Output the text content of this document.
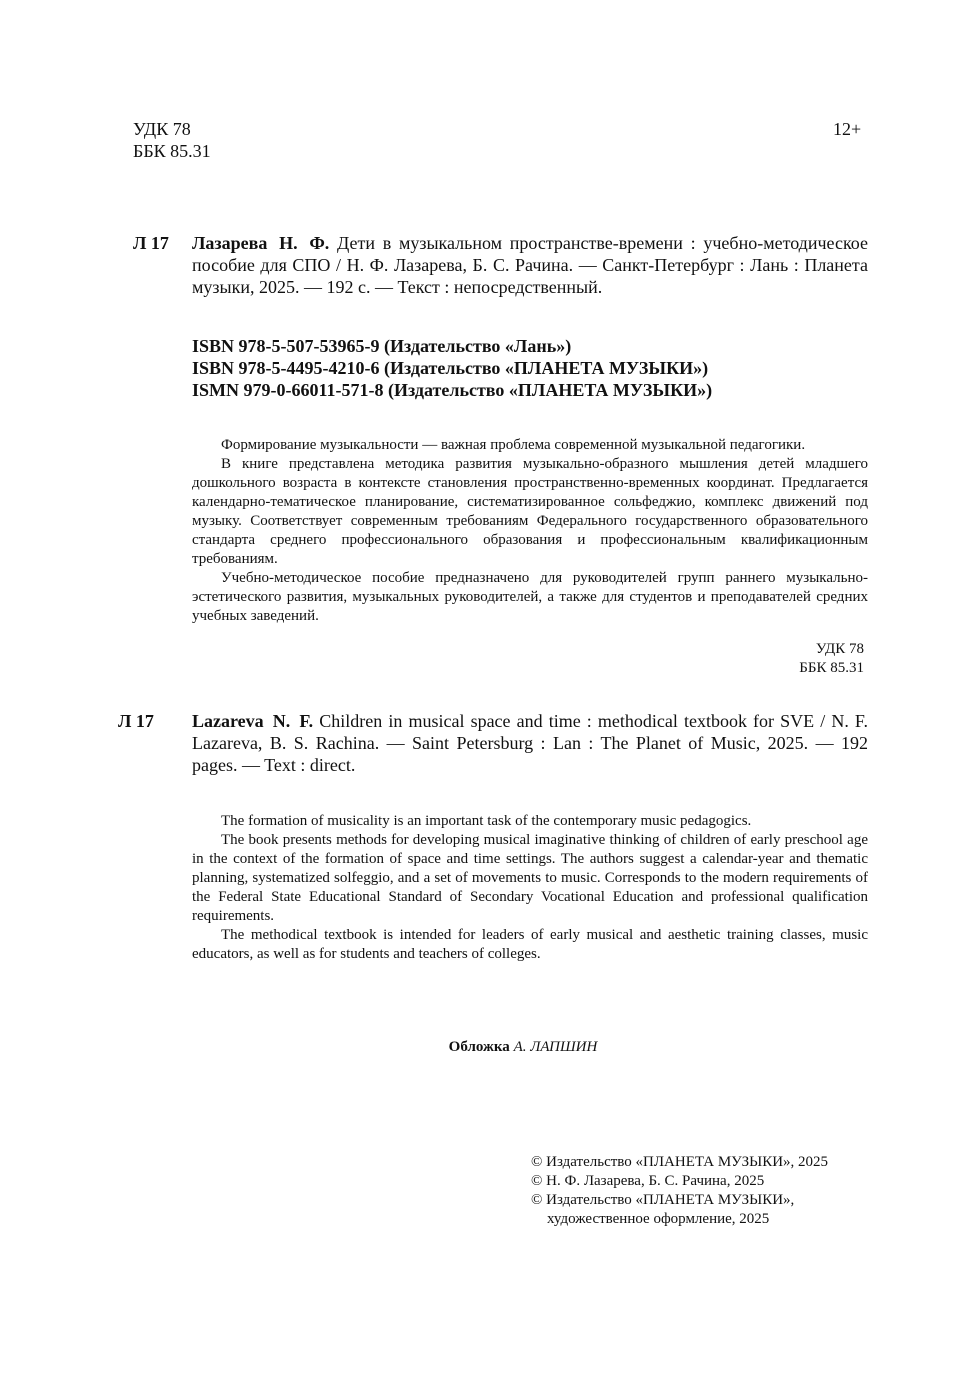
УДК 78
ББК 85.31
12+
Л 17 Лазарева Н. Ф. Дети в музыкальном пространстве-времени : учебно-методическое пособие для СПО / Н. Ф. Лазарева, Б. С. Рачина. — Санкт-Петербург : Лань : Планета музыки, 2025. — 192 с. — Текст : непосредственный.
ISBN 978-5-507-53965-9 (Издательство «Лань»)
ISBN 978-5-4495-4210-6 (Издательство «ПЛАНЕТА МУЗЫКИ»)
ISMN 979-0-66011-571-8 (Издательство «ПЛАНЕТА МУЗЫКИ»)

Формирование музыкальности — важная проблема современной музыкальной педагогики.

В книге представлена методика развития музыкально-образного мышления детей младшего дошкольного возраста в контексте становления пространственно-временных координат. Предлагается календарно-тематическое планирование, систематизированное сольфеджио, комплекс движений под музыку. Соответствует современным требованиям Федерального государственного образовательного стандарта среднего профессионального образования и профессиональным квалификационным требованиям.

Учебно-методическое пособие предназначено для руководителей групп раннего музыкально-эстетического развития, музыкальных руководителей, а также для студентов и преподавателей средних учебных заведений.

УДК 78
ББК 85.31
Л 17 Lazareva N. F. Children in musical space and time : methodical textbook for SVE / N. F. Lazareva, B. S. Rachina. — Saint Petersburg : Lan : The Planet of Music, 2025. — 192 pages. — Text : direct.

The formation of musicality is an important task of the contemporary music pedagogics.

The book presents methods for developing musical imaginative thinking of children of early preschool age in the context of the formation of space and time settings. The authors suggest a calendar-year and thematic planning, systematized solfeggio, and a set of movements to music. Corresponds to the modern requirements of the Federal State Educational Standard of Secondary Vocational Education and professional qualification requirements.

The methodical textbook is intended for leaders of early musical and aesthetic training classes, music educators, as well as for students and teachers of colleges.

Обложка А. ЛАПШИН
© Издательство «ПЛАНЕТА МУЗЫКИ», 2025
© Н. Ф. Лазарева, Б. С. Рачина, 2025
© Издательство «ПЛАНЕТА МУЗЫКИ»,
художественное оформление, 2025
